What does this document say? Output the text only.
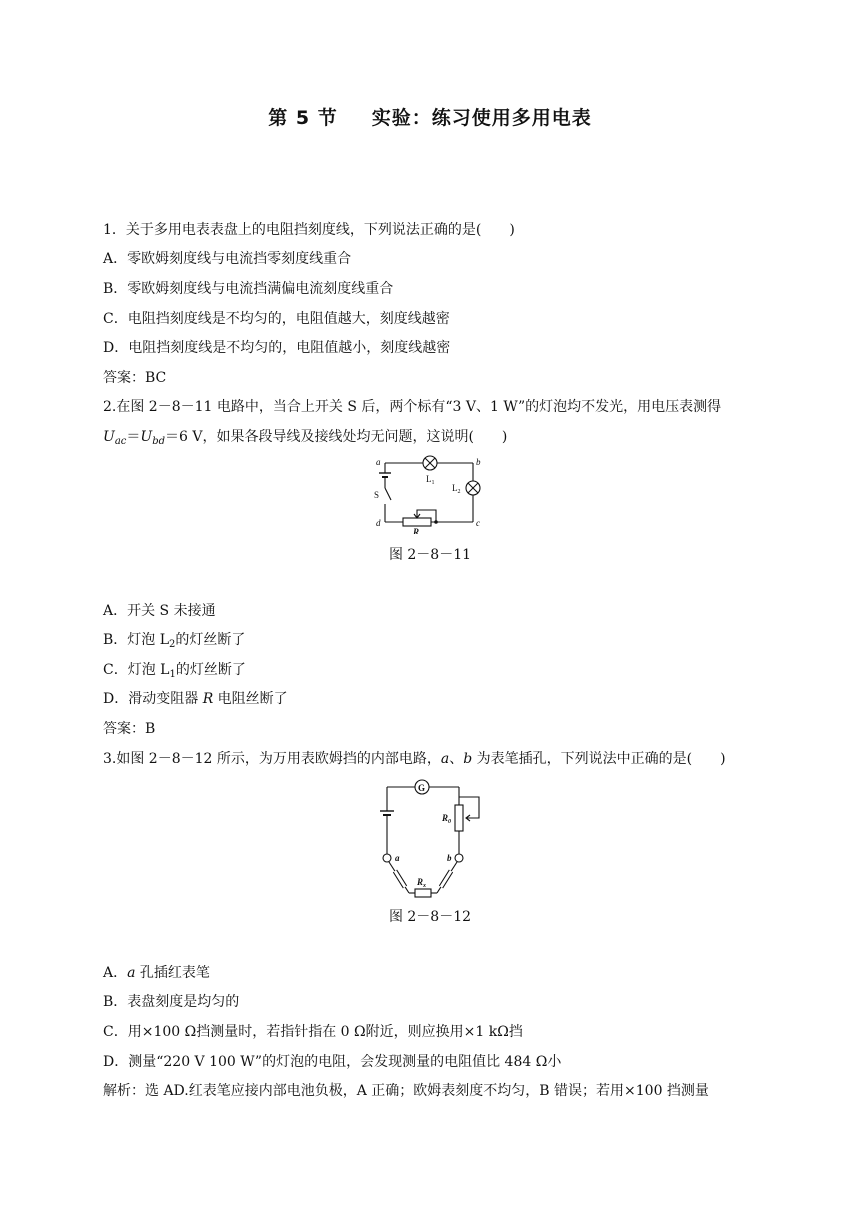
第 5 节 实验：练习使用多用电表
1．关于多用电表表盘上的电阻挡刻度线，下列说法正确的是(　　)
A．零欧姆刻度线与电流挡零刻度线重合
B．零欧姆刻度线与电流挡满偏电流刻度线重合
C．电阻挡刻度线是不均匀的，电阻值越大，刻度线越密
D．电阻挡刻度线是不均匀的，电阻值越小，刻度线越密
答案：BC
2.在图 2－8－11 电路中，当合上开关 S 后，两个标有“3 V、1 W”的灯泡均不发光，用电压表测得
$U_{ac}=U_{bd}=6$ V，如果各段导线及接线处均无问题，这说明(　　)
a	b
c
d
S
$L_1$ $L_2$
R
图 2－8－11
A．开关 S 未接通
B．灯泡 $L_2$的灯丝断了
C．灯泡 $L_1$的灯丝断了
D．滑动变阻器 R 电阻丝断了
答案：B
3.如图 2－8－12 所示，为万用表欧姆挡的内部电路，a、b 为表笔插孔，下列说法中正确的是(　　)
G
$R_0$
a	b
$R_x$
图 2－8－12
A．a 孔插红表笔
B．表盘刻度是均匀的
C．用×100 Ω挡测量时，若指针指在 0 Ω附近，则应换用×1 kΩ挡
D．测量“220 V 100 W”的灯泡的电阻，会发现测量的电阻值比 484 Ω小
解析：选 AD.红表笔应接内部电池负极，A 正确；欧姆表刻度不均匀，B 错误；若用×100 挡测量
